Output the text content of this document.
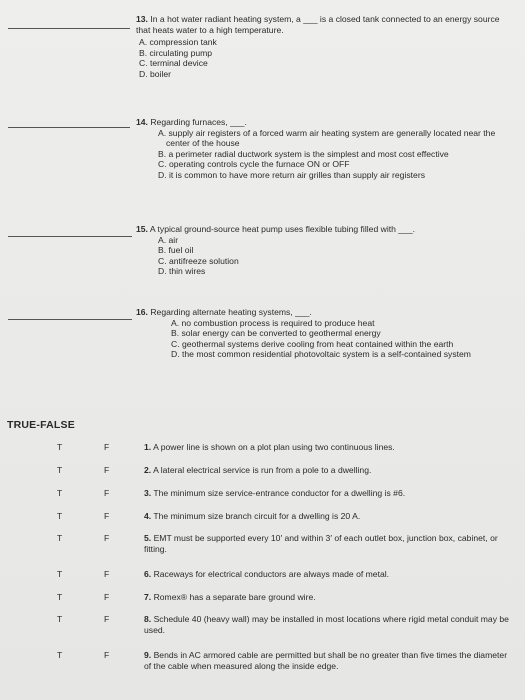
13. In a hot water radiant heating system, a ___ is a closed tank connected to an energy source that heats water to a high temperature.
A. compression tank
B. circulating pump
C. terminal device
D. boiler
14. Regarding furnaces, ___.
A. supply air registers of a forced warm air heating system are generally located near the center of the house
B. a perimeter radial ductwork system is the simplest and most cost effective
C. operating controls cycle the furnace ON or OFF
D. it is common to have more return air grilles than supply air registers
15. A typical ground-source heat pump uses flexible tubing filled with ___.
A. air
B. fuel oil
C. antifreeze solution
D. thin wires
16. Regarding alternate heating systems, ___.
A. no combustion process is required to produce heat
B. solar energy can be converted to geothermal energy
C. geothermal systems derive cooling from heat contained within the earth
D. the most common residential photovoltaic system is a self-contained system
TRUE-FALSE
T	F	1. A power line is shown on a plot plan using two continuous lines.
T	F	2. A lateral electrical service is run from a pole to a dwelling.
T	F	3. The minimum size service-entrance conductor for a dwelling is #6.
T	F	4. The minimum size branch circuit for a dwelling is 20 A.
T	F	5. EMT must be supported every 10′ and within 3′ of each outlet box, junction box, cabinet, or fitting.
T	F	6. Raceways for electrical conductors are always made of metal.
T	F	7. Romex® has a separate bare ground wire.
T	F	8. Schedule 40 (heavy wall) may be installed in most locations where rigid metal conduit may be used.
T	F	9. Bends in AC armored cable are permitted but shall be no greater than five times the diameter of the cable when measured along the inside edge.
